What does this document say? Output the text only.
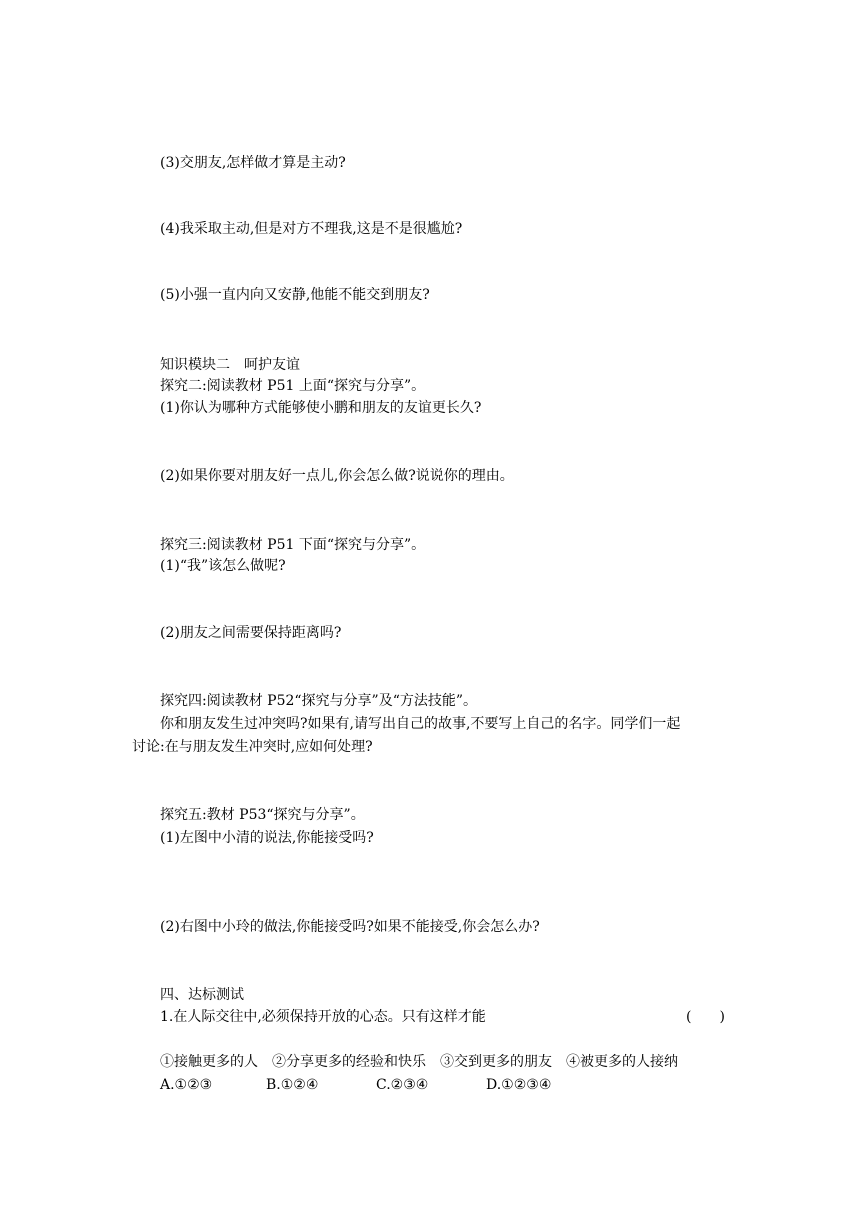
(3)交朋友,怎样做才算是主动?
(4)我采取主动,但是对方不理我,这是不是很尴尬?
(5)小强一直内向又安静,他能不能交到朋友?
知识模块二　呵护友谊
探究二:阅读教材 P51 上面“探究与分享”。
(1)你认为哪种方式能够使小鹏和朋友的友谊更长久?
(2)如果你要对朋友好一点儿,你会怎么做?说说你的理由。
探究三:阅读教材 P51 下面“探究与分享”。
(1)“我”该怎么做呢?
(2)朋友之间需要保持距离吗?
探究四:阅读教材 P52“探究与分享”及“方法技能”。
你和朋友发生过冲突吗?如果有,请写出自己的故事,不要写上自己的名字。同学们一起
讨论:在与朋友发生冲突时,应如何处理?
探究五:教材 P53“探究与分享”。
(1)左图中小清的说法,你能接受吗?
(2)右图中小玲的做法,你能接受吗?如果不能接受,你会怎么办?
四、达标测试
1.在人际交往中,必须保持开放的心态。只有这样才能	(　　)
①接触更多的人　②分享更多的经验和快乐　③交到更多的朋友　④被更多的人接纳
A.①②③	B.①②④	C.②③④	D.①②③④
